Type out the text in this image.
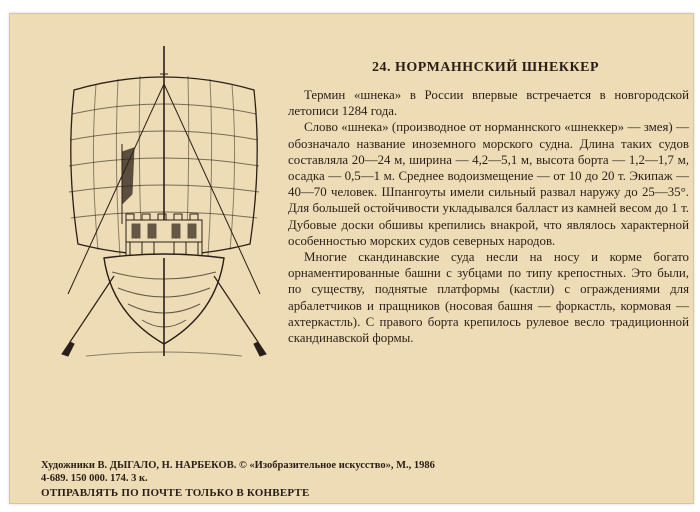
24. НОРМАННСКИЙ ШНЕККЕР

Термин «шнека» в России впервые встречается в новгородской летописи 1284 года.

Слово «шнека» (производное от норманнского «шнеккер» — змея) — обозначало название иноземного морского судна. Длина таких судов составляла 20—24 м, ширина — 4,2—5,1 м, высота борта — 1,2—1,7 м, осадка — 0,5—1 м. Среднее водоизмещение — от 10 до 20 т. Экипаж — 40—70 человек. Шпангоуты имели сильный развал наружу до 25—35°. Для большей остойчивости укладывался балласт из камней весом до 1 т. Дубовые доски обшивы крепились внакрой, что являлось характерной особенностью морских судов северных народов.

Многие скандинавские суда несли на носу и корме богато орнаментированные башни с зубцами по типу крепостных. Это были, по существу, поднятые платформы (кастли) с ограждениями для арбалетчиков и пращников (носовая башня — форкастль, кормовая — ахтеркастль). С правого борта крепилось рулевое весло традиционной скандинавской формы.

Художники В. ДЫГАЛО, Н. НАРБЕКОВ. © «Изобразительное искусство», М., 1986
4-689. 150 000. 174. 3 к.
ОТПРАВЛЯТЬ ПО ПОЧТЕ ТОЛЬКО В КОНВЕРТЕ
